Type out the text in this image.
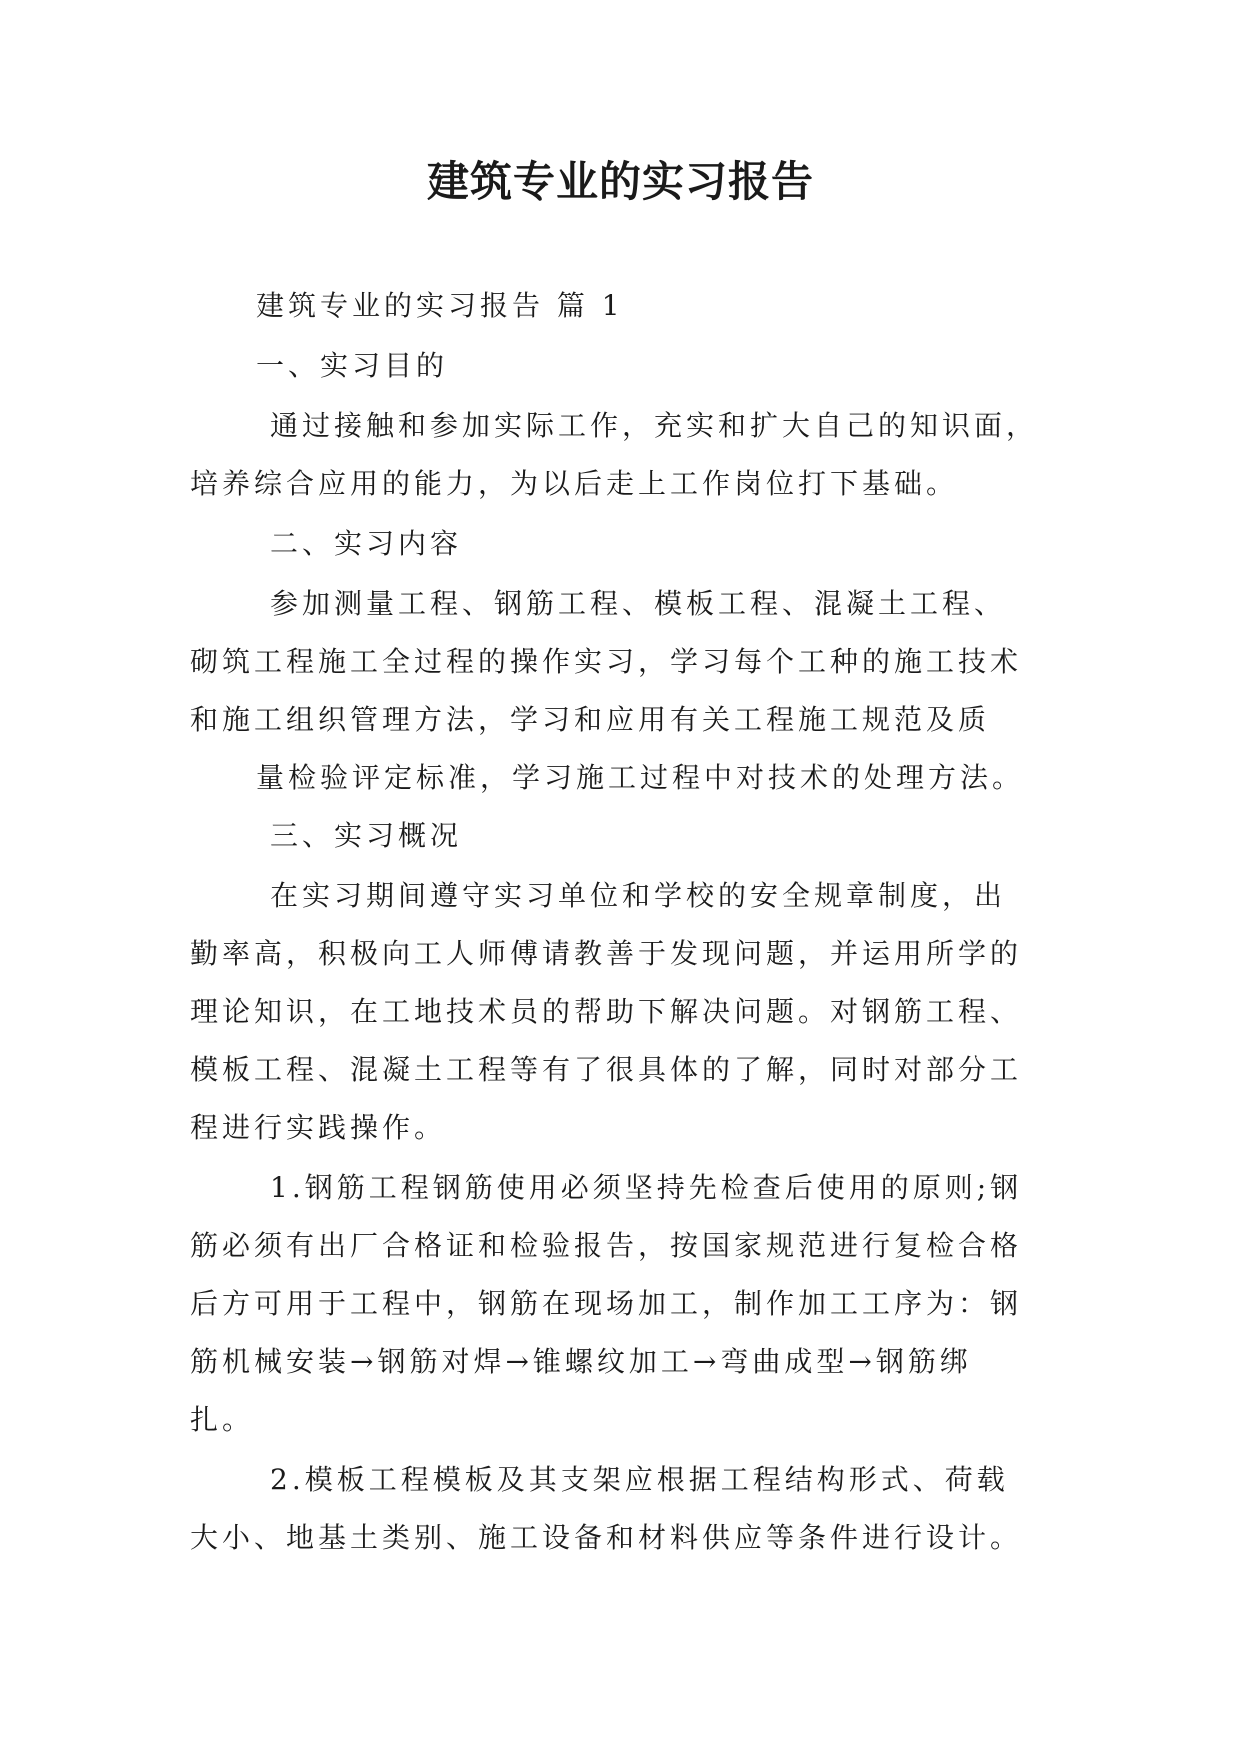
建筑专业的实习报告
建筑专业的实习报告 篇 1
一、实习目的
通过接触和参加实际工作，充实和扩大自己的知识面，
培养综合应用的能力，为以后走上工作岗位打下基础。
二、实习内容
参加测量工程、钢筋工程、模板工程、混凝土工程、
砌筑工程施工全过程的操作实习，学习每个工种的施工技术
和施工组织管理方法，学习和应用有关工程施工规范及质
量检验评定标准，学习施工过程中对技术的处理方法。
三、实习概况
在实习期间遵守实习单位和学校的安全规章制度，出
勤率高，积极向工人师傅请教善于发现问题，并运用所学的
理论知识，在工地技术员的帮助下解决问题。对钢筋工程、
模板工程、混凝土工程等有了很具体的了解，同时对部分工
程进行实践操作。
1.钢筋工程钢筋使用必须坚持先检查后使用的原则;钢
筋必须有出厂合格证和检验报告，按国家规范进行复检合格
后方可用于工程中，钢筋在现场加工，制作加工工序为：钢
筋机械安装→钢筋对焊→锥螺纹加工→弯曲成型→钢筋绑
扎。
2.模板工程模板及其支架应根据工程结构形式、荷载
大小、地基土类别、施工设备和材料供应等条件进行设计。
